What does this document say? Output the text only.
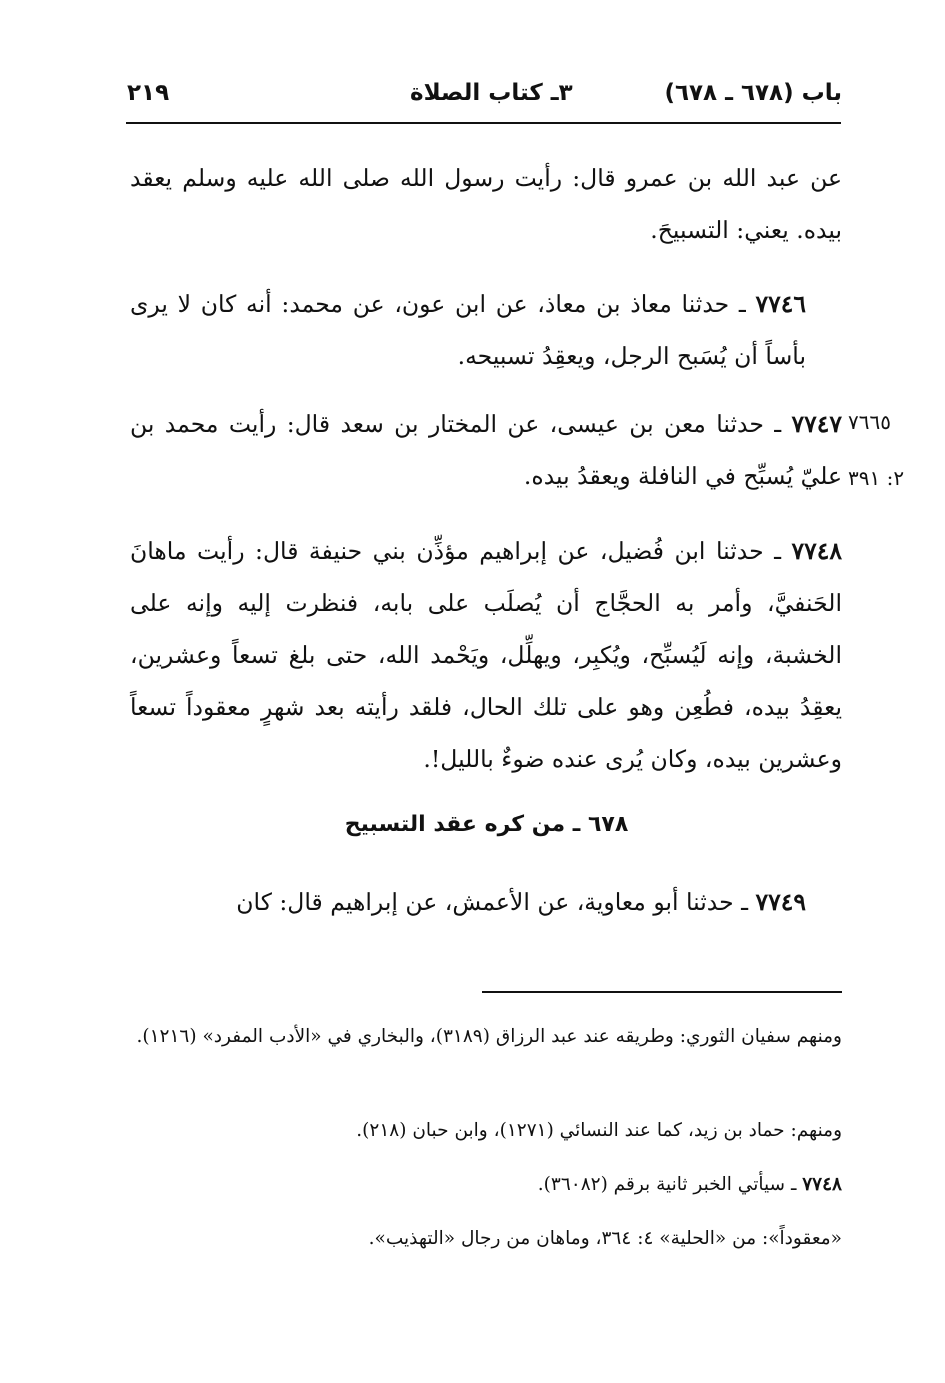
باب (٦٧٨ ـ ٦٧٨)
٣ـ كتاب الصلاة
٢١٩
عن عبد الله بن عمرو قال: رأيت رسول الله صلى الله عليه وسلم يعقد بيده. يعني: التسبيحَ.
٧٧٤٦ ـ حدثنا معاذ بن معاذ، عن ابن عون، عن محمد: أنه كان لا يرى بأساً أن يُسَبح الرجل، ويعقِدُ تسبيحه.
٧٧٤٧ ـ حدثنا معن بن عيسى، عن المختار بن سعد قال: رأيت محمد بن عليّ يُسبِّح في النافلة ويعقدُ بيده.
٧٦٦٥
٢: ٣٩١
٧٧٤٨ ـ حدثنا ابن فُضيل، عن إبراهيم مؤذِّن بني حنيفة قال: رأيت ماهانَ الحَنفيَّ، وأمر به الحجَّاج أن يُصلَب على بابه، فنظرت إليه وإنه على الخشبة، وإنه لَيُسبِّح، ويُكبِر، ويهلِّل، ويَحْمد الله، حتى بلغ تسعاً وعشرين، يعقِدُ بيده، فطُعِن وهو على تلك الحال، فلقد رأيته بعد شهرٍ معقوداً تسعاً وعشرين بيده، وكان يُرى عنده ضوءٌ بالليل!.
٦٧٨ ـ من كره عقد التسبيح
٧٧٤٩ ـ حدثنا أبو معاوية، عن الأعمش، عن إبراهيم قال: كان
ومنهم سفيان الثوري: وطريقه عند عبد الرزاق (٣١٨٩)، والبخاري في «الأدب المفرد» (١٢١٦).
ومنهم: حماد بن زيد، كما عند النسائي (١٢٧١)، وابن حبان (٢١٨).
٧٧٤٨ ـ سيأتي الخبر ثانية برقم (٣٦٠٨٢).
«معقوداً»: من «الحلية» ٤: ٣٦٤، وماهان من رجال «التهذيب».
